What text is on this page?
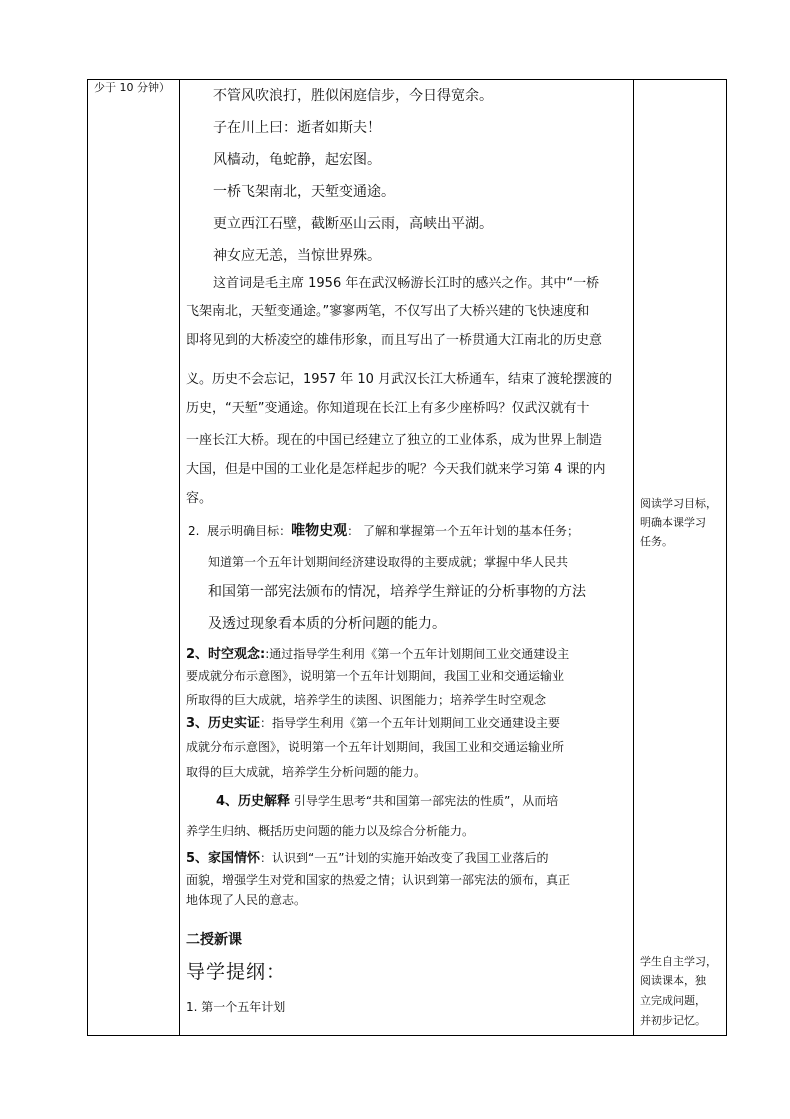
少于 10 分钟）
不管风吹浪打，胜似闲庭信步，今日得宽余。
子在川上曰：逝者如斯夫！
风樯动，龟蛇静，起宏图。
一桥飞架南北，天堑变通途。
更立西江石壁，截断巫山云雨，高峡出平湖。
神女应无恙，当惊世界殊。
这首词是毛主席 1956 年在武汉畅游长江时的感兴之作。其中“一桥
飞架南北，天堑变通途。”寥寥两笔，不仅写出了大桥兴建的飞快速度和
即将见到的大桥凌空的雄伟形象，而且写出了一桥贯通大江南北的历史意
义。历史不会忘记，1957 年 10 月武汉长江大桥通车，结束了渡轮摆渡的
历史，“天堑”变通途。你知道现在长江上有多少座桥吗？仅武汉就有十
一座长江大桥。现在的中国已经建立了独立的工业体系，成为世界上制造
大国，但是中国的工业化是怎样起步的呢？今天我们就来学习第 4 课的内
容。
2. 展示明确目标：唯物史观： 了解和掌握第一个五年计划的基本任务；
知道第一个五年计划期间经济建设取得的主要成就；掌握中华人民共
和国第一部宪法颁布的情况，培养学生辩证的分析事物的方法
及透过现象看本质的分析问题的能力。
2、时空观念::通过指导学生利用《第一个五年计划期间工业交通建设主
要成就分布示意图》，说明第一个五年计划期间，我国工业和交通运输业
所取得的巨大成就，培养学生的读图、识图能力；培养学生时空观念
3、历史实证：指导学生利用《第一个五年计划期间工业交通建设主要
成就分布示意图》，说明第一个五年计划期间，我国工业和交通运输业所
取得的巨大成就，培养学生分析问题的能力。
4、历史解释 引导学生思考“共和国第一部宪法的性质”，从而培
养学生归纳、概括历史问题的能力以及综合分析能力。
5、家国情怀：认识到“一五”计划的实施开始改变了我国工业落后的
面貌，增强学生对党和国家的热爱之情；认识到第一部宪法的颁布，真正
地体现了人民的意志。
二授新课
导学提纲：
1. 第一个五年计划
阅读学习目标，
明确本课学习
任务。
学生自主学习，
阅读课本，独
立完成问题，
并初步记忆。
